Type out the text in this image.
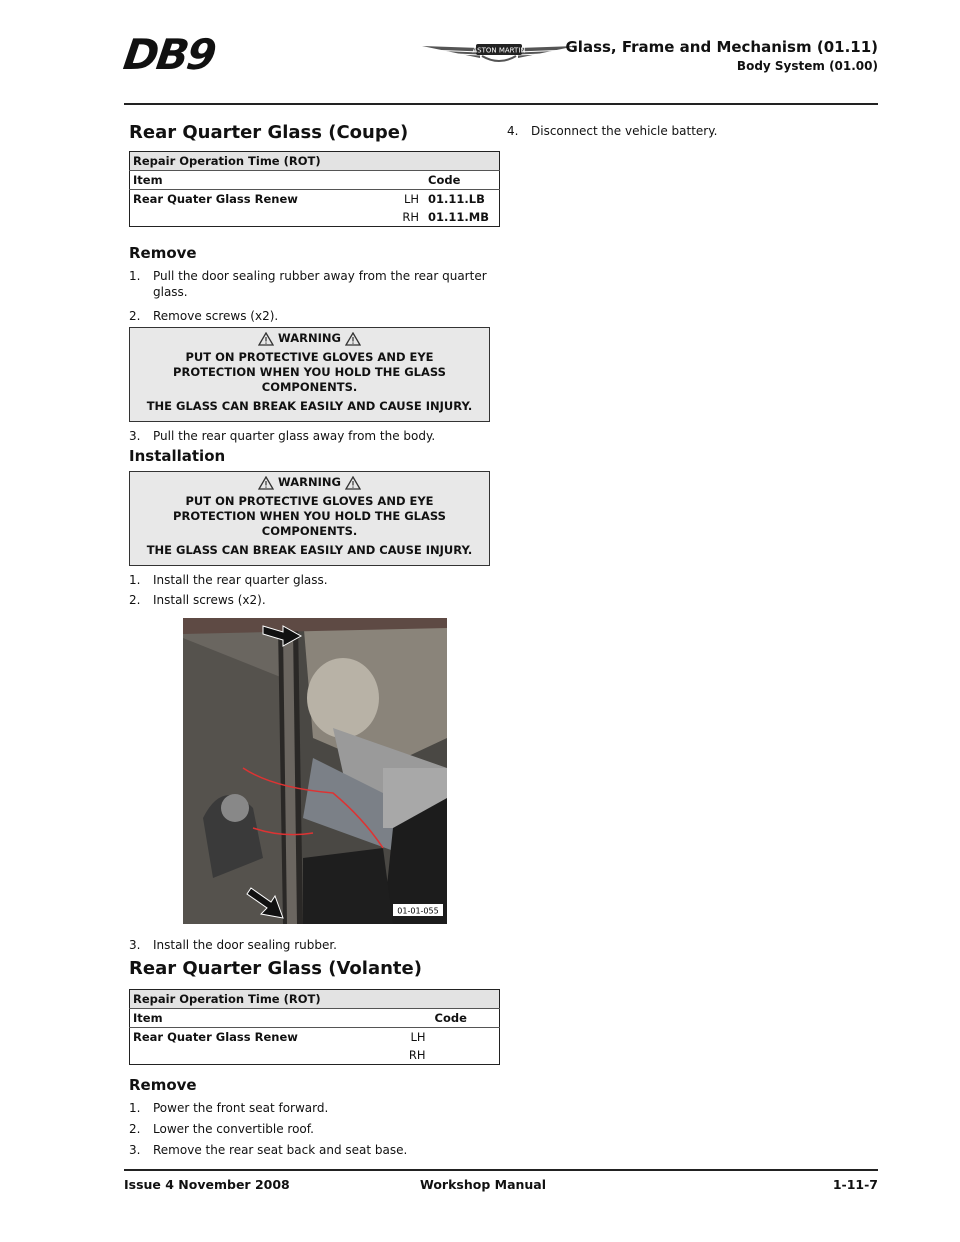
DB9	ASTON MARTIN	Glass, Frame and Mechanism (01.11)
Body System (01.00)
Rear Quarter Glass (Coupe)
Repair Operation Time (ROT)		
Item		Code
Rear Quater Glass Renew	LH	01.11.LB
	RH	01.11.MB
Remove
1.	Pull the door sealing rubber away from the rear quarter glass.
2.	Remove screws (x2).
WARNING
PUT ON PROTECTIVE GLOVES AND EYE PROTECTION WHEN YOU HOLD THE GLASS COMPONENTS.
THE GLASS CAN BREAK EASILY AND CAUSE INJURY.
3.	Pull the rear quarter glass away from the body.
Installation
WARNING
PUT ON PROTECTIVE GLOVES AND EYE PROTECTION WHEN YOU HOLD THE GLASS COMPONENTS.
THE GLASS CAN BREAK EASILY AND CAUSE INJURY.
1.	Install the rear quarter glass.
2.	Install screws (x2).
01-01-055
3.	Install the door sealing rubber.
Rear Quarter Glass (Volante)
Repair Operation Time (ROT)		
Item		Code
Rear Quater Glass Renew	LH	
	RH	
Remove
1.	Power the front seat forward.
2.	Lower the convertible roof.
3.	Remove the rear seat back and seat base.
4.	Disconnect the vehicle battery.
Issue 4 November 2008	Workshop Manual	1-11-7
